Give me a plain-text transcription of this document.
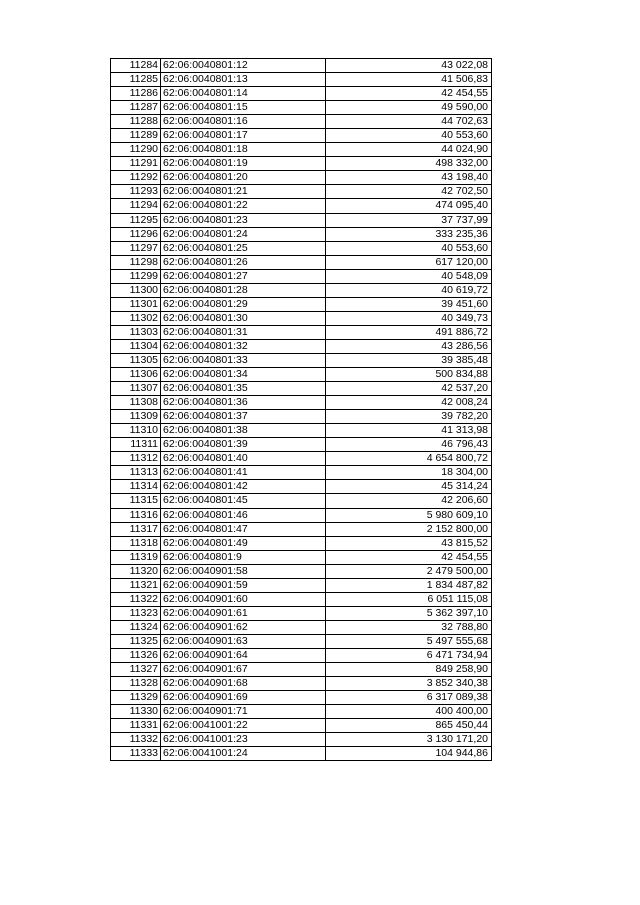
11284	62:06:0040801:12	43 022,08
11285	62:06:0040801:13	41 506,83
11286	62:06:0040801:14	42 454,55
11287	62:06:0040801:15	49 590,00
11288	62:06:0040801:16	44 702,63
11289	62:06:0040801:17	40 553,60
11290	62:06:0040801:18	44 024,90
11291	62:06:0040801:19	498 332,00
11292	62:06:0040801:20	43 198,40
11293	62:06:0040801:21	42 702,50
11294	62:06:0040801:22	474 095,40
11295	62:06:0040801:23	37 737,99
11296	62:06:0040801:24	333 235,36
11297	62:06:0040801:25	40 553,60
11298	62:06:0040801:26	617 120,00
11299	62:06:0040801:27	40 548,09
11300	62:06:0040801:28	40 619,72
11301	62:06:0040801:29	39 451,60
11302	62:06:0040801:30	40 349,73
11303	62:06:0040801:31	491 886,72
11304	62:06:0040801:32	43 286,56
11305	62:06:0040801:33	39 385,48
11306	62:06:0040801:34	500 834,88
11307	62:06:0040801:35	42 537,20
11308	62:06:0040801:36	42 008,24
11309	62:06:0040801:37	39 782,20
11310	62:06:0040801:38	41 313,98
11311	62:06:0040801:39	46 796,43
11312	62:06:0040801:40	4 654 800,72
11313	62:06:0040801:41	18 304,00
11314	62:06:0040801:42	45 314,24
11315	62:06:0040801:45	42 206,60
11316	62:06:0040801:46	5 980 609,10
11317	62:06:0040801:47	2 152 800,00
11318	62:06:0040801:49	43 815,52
11319	62:06:0040801:9	42 454,55
11320	62:06:0040901:58	2 479 500,00
11321	62:06:0040901:59	1 834 487,82
11322	62:06:0040901:60	6 051 115,08
11323	62:06:0040901:61	5 362 397,10
11324	62:06:0040901:62	32 788,80
11325	62:06:0040901:63	5 497 555,68
11326	62:06:0040901:64	6 471 734,94
11327	62:06:0040901:67	849 258,90
11328	62:06:0040901:68	3 852 340,38
11329	62:06:0040901:69	6 317 089,38
11330	62:06:0040901:71	400 400,00
11331	62:06:0041001:22	865 450,44
11332	62:06:0041001:23	3 130 171,20
11333	62:06:0041001:24	104 944,86
